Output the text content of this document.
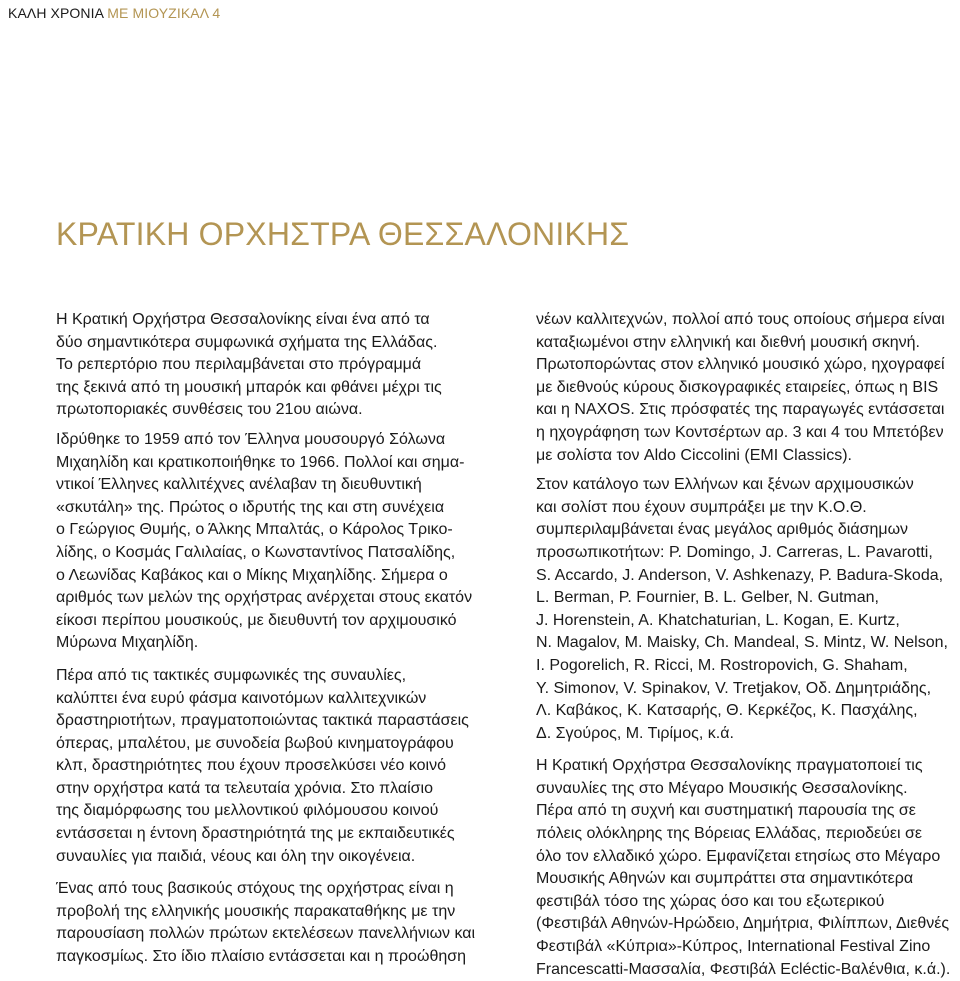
ΚΑΛΗ ΧΡΟΝΙΑ ΜΕ ΜΙΟΥΖΙΚΑΛ 4
ΚΡΑΤΙΚΗ ΟΡΧΗΣΤΡΑ ΘΕΣΣΑΛΟΝΙΚΗΣ

Η Κρατική Ορχήστρα Θεσσαλονίκης είναι ένα από τα
δύο σημαντικότερα συμφωνικά σχήματα της Ελλάδας.
Το ρεπερτόριο που περιλαμβάνεται στο πρόγραμμά
της ξεκινά από τη μουσική μπαρόκ και φθάνει μέχρι τις
πρωτοποριακές συνθέσεις του 21ου αιώνα.

Ιδρύθηκε το 1959 από τον Έλληνα μουσουργό Σόλωνα
Μιχαηλίδη και κρατικοποιήθηκε το 1966. Πολλοί και σημα-
ντικοί Έλληνες καλλιτέχνες ανέλαβαν τη διευθυντική
«σκυτάλη» της. Πρώτος ο ιδρυτής της και στη συνέχεια
ο Γεώργιος Θυμής, ο Άλκης Μπαλτάς, ο Κάρολος Τρικο-
λίδης, ο Κοσμάς Γαλιλαίας, ο Κωνσταντίνος Πατσαλίδης,
ο Λεωνίδας Καβάκος και ο Μίκης Μιχαηλίδης. Σήμερα ο
αριθμός των μελών της ορχήστρας ανέρχεται στους εκατόν
είκοσι περίπου μουσικούς, με διευθυντή τον αρχιμουσικό
Μύρωνα Μιχαηλίδη.

Πέρα από τις τακτικές συμφωνικές της συναυλίες,
καλύπτει ένα ευρύ φάσμα καινοτόμων καλλιτεχνικών
δραστηριοτήτων, πραγματοποιώντας τακτικά παραστάσεις
όπερας, μπαλέτου, με συνοδεία βωβού κινηματογράφου
κλπ, δραστηριότητες που έχουν προσελκύσει νέο κοινό
στην ορχήστρα κατά τα τελευταία χρόνια. Στο πλαίσιο
της διαμόρφωσης του μελλοντικού φιλόμουσου κοινού
εντάσσεται η έντονη δραστηριότητά της με εκπαιδευτικές
συναυλίες για παιδιά, νέους και όλη την οικογένεια.

Ένας από τους βασικούς στόχους της ορχήστρας είναι η
προβολή της ελληνικής μουσικής παρακαταθήκης με την
παρουσίαση πολλών πρώτων εκτελέσεων πανελλήνιων και
παγκοσμίως. Στο ίδιο πλαίσιο εντάσσεται και η προώθηση

νέων καλλιτεχνών, πολλοί από τους οποίους σήμερα είναι
καταξιωμένοι στην ελληνική και διεθνή μουσική σκηνή.
Πρωτοπορώντας στον ελληνικό μουσικό χώρο, ηχογραφεί
με διεθνούς κύρους δισκογραφικές εταιρείες, όπως η BIS
και η NAXOS. Στις πρόσφατές της παραγωγές εντάσσεται
η ηχογράφηση των Κοντσέρτων αρ. 3 και 4 του Μπετόβεν
με σολίστα τον Aldo Ciccolini (EMI Classics).

Στον κατάλογο των Ελλήνων και ξένων αρχιμουσικών
και σολίστ που έχουν συμπράξει με την Κ.Ο.Θ.
συμπεριλαμβάνεται ένας μεγάλος αριθμός διάσημων
προσωπικοτήτων: P. Domingo, J. Carreras, L. Pavarotti,
S. Accardo, J. Anderson, V. Ashkenazy, P. Badura-Skoda,
L. Berman, P. Fournier, B. L. Gelber, N. Gutman,
J. Horenstein, A. Khatchaturian, L. Kogan, E. Kurtz,
N. Magalov, M. Maisky, Ch. Mandeal, S. Mintz, W. Nelson,
I. Pogorelich, R. Ricci, M. Rostropovich, G. Shaham,
Y. Simonov, V. Spinakov, V. Tretjakov, Οδ. Δημητριάδης,
Λ. Καβάκος, Κ. Κατσαρής, Θ. Κερκέζος, Κ. Πασχάλης,
Δ. Σγούρος, Μ. Τιρίμος, κ.ά.

Η Κρατική Ορχήστρα Θεσσαλονίκης πραγματοποιεί τις
συναυλίες της στο Μέγαρο Μουσικής Θεσσαλονίκης.
Πέρα από τη συχνή και συστηματική παρουσία της σε
πόλεις ολόκληρης της Βόρειας Ελλάδας, περιοδεύει σε
όλο τον ελλαδικό χώρο. Εμφανίζεται ετησίως στο Μέγαρο
Μουσικής Αθηνών και συμπράττει στα σημαντικότερα
φεστιβάλ τόσο της χώρας όσο και του εξωτερικού
(Φεστιβάλ Αθηνών-Ηρώδειο, Δημήτρια, Φιλίππων, Διεθνές
Φεστιβάλ «Κύπρια»-Κύπρος, International Festival Zino
Francescatti-Μασσαλία, Φεστιβάλ Ecléctic-Βαλένθια, κ.ά.).
